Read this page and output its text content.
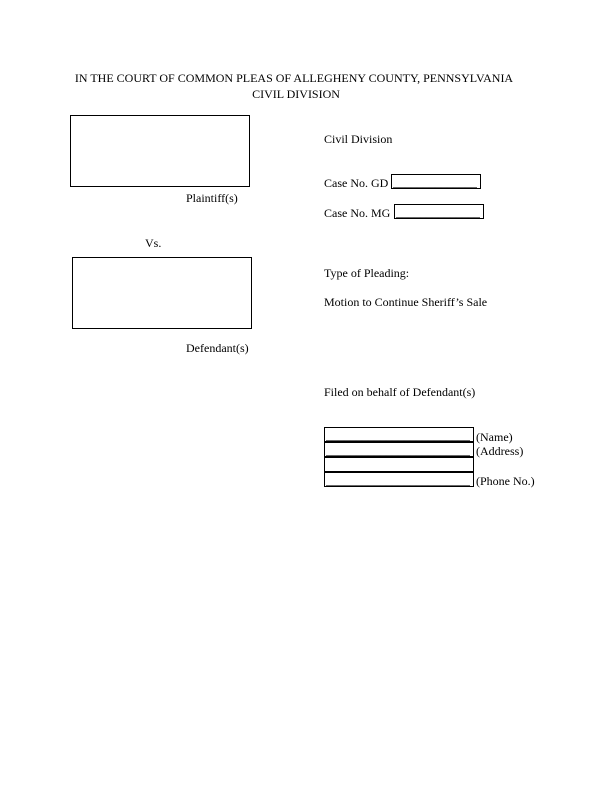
IN THE COURT OF COMMON PLEAS OF ALLEGHENY COUNTY, PENNSYLVANIA
CIVIL DIVISION
Plaintiff(s)
Vs.
Defendant(s)
Civil Division
Case No. GD ______________
Case No. MG ______________
Type of Pleading:
Motion to Continue Sheriff’s Sale
Filed on behalf of Defendant(s)
________________________ (Name)
________________________ (Address)
________________________ (Phone No.)
